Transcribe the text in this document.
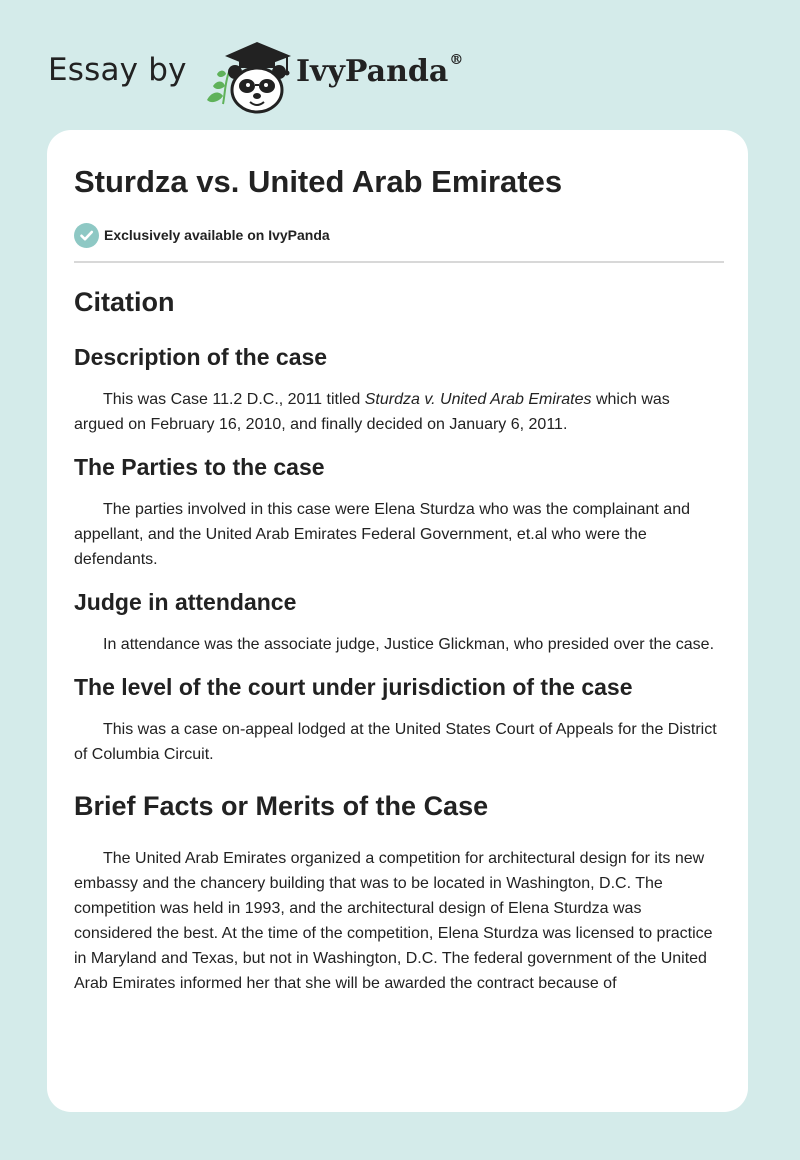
Essay by	IvyPanda®
Sturdza vs. United Arab Emirates
Exclusively available on IvyPanda
Citation
Description of the case

This was Case 11.2 D.C., 2011 titled Sturdza v. United Arab Emirates which was argued on February 16, 2010, and finally decided on January 6, 2011.

The Parties to the case

The parties involved in this case were Elena Sturdza who was the complainant and appellant, and the United Arab Emirates Federal Government, et.al who were the defendants.

Judge in attendance

In attendance was the associate judge, Justice Glickman, who presided over the case.

The level of the court under jurisdiction of the case

This was a case on-appeal lodged at the United States Court of Appeals for the District of Columbia Circuit.

Brief Facts or Merits of the Case

The United Arab Emirates organized a competition for architectural design for its new embassy and the chancery building that was to be located in Washington, D.C. The competition was held in 1993, and the architectural design of Elena Sturdza was considered the best. At the time of the competition, Elena Sturdza was licensed to practice in Maryland and Texas, but not in Washington, D.C. The federal government of the United Arab Emirates informed her that she will be awarded the contract because of
